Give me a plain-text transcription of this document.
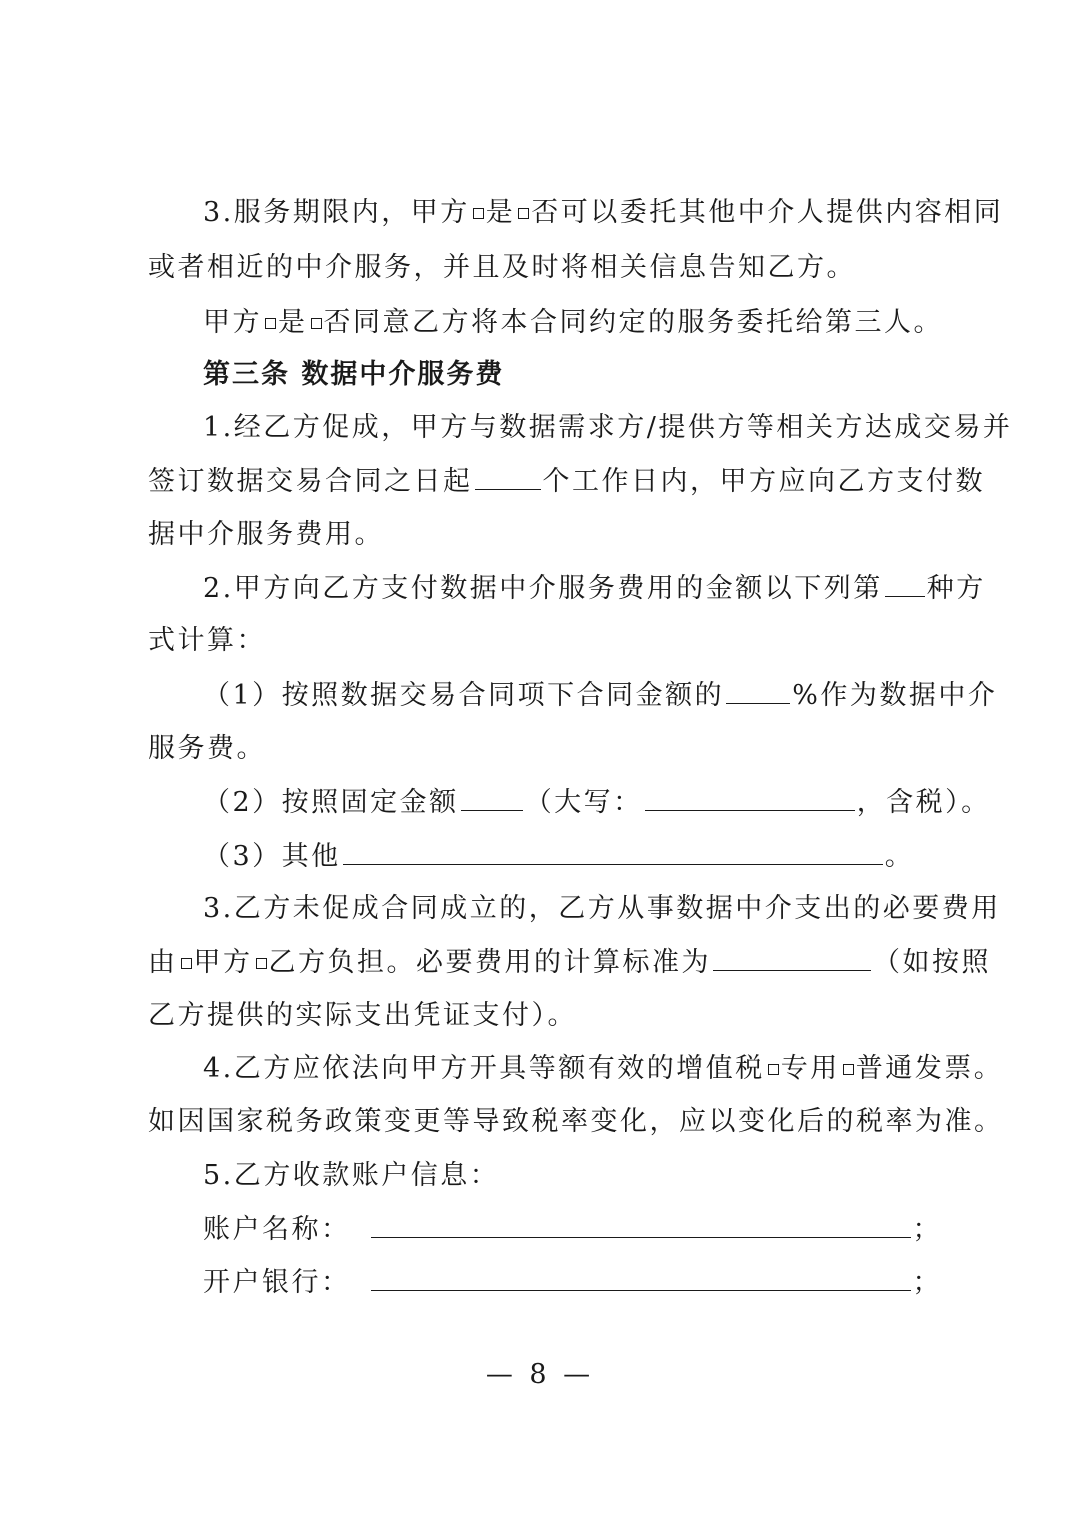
3.服务期限内，甲方 是 否可以委托其他中介人提供内容相同
或者相近的中介服务，并且及时将相关信息告知乙方。
甲方 是 否同意乙方将本合同约定的服务委托给第三人。
第三条 数据中介服务费
1.经乙方促成，甲方与数据需求方/提供方等相关方达成交易并
签订数据交易合同之日起	个工作日内，甲方应向乙方支付数
据中介服务费用。
2.甲方向乙方支付数据中介服务费用的金额以下列第 种方
式计算：
（1）按照数据交易合同项下合同金额的	%作为数据中介
服务费。
（2）按照固定金额 （大写：	，含税）。
（3）其他	。
3.乙方未促成合同成立的，乙方从事数据中介支出的必要费用
由 甲方 乙方负担。必要费用的计算标准为	（如按照
乙方提供的实际支出凭证支付）。
4.乙方应依法向甲方开具等额有效的增值税 专用 普通发票。
如因国家税务政策变更等导致税率变化，应以变化后的税率为准。
5.乙方收款账户信息：
账户名称：	；
开户银行：	；
— 8 —
